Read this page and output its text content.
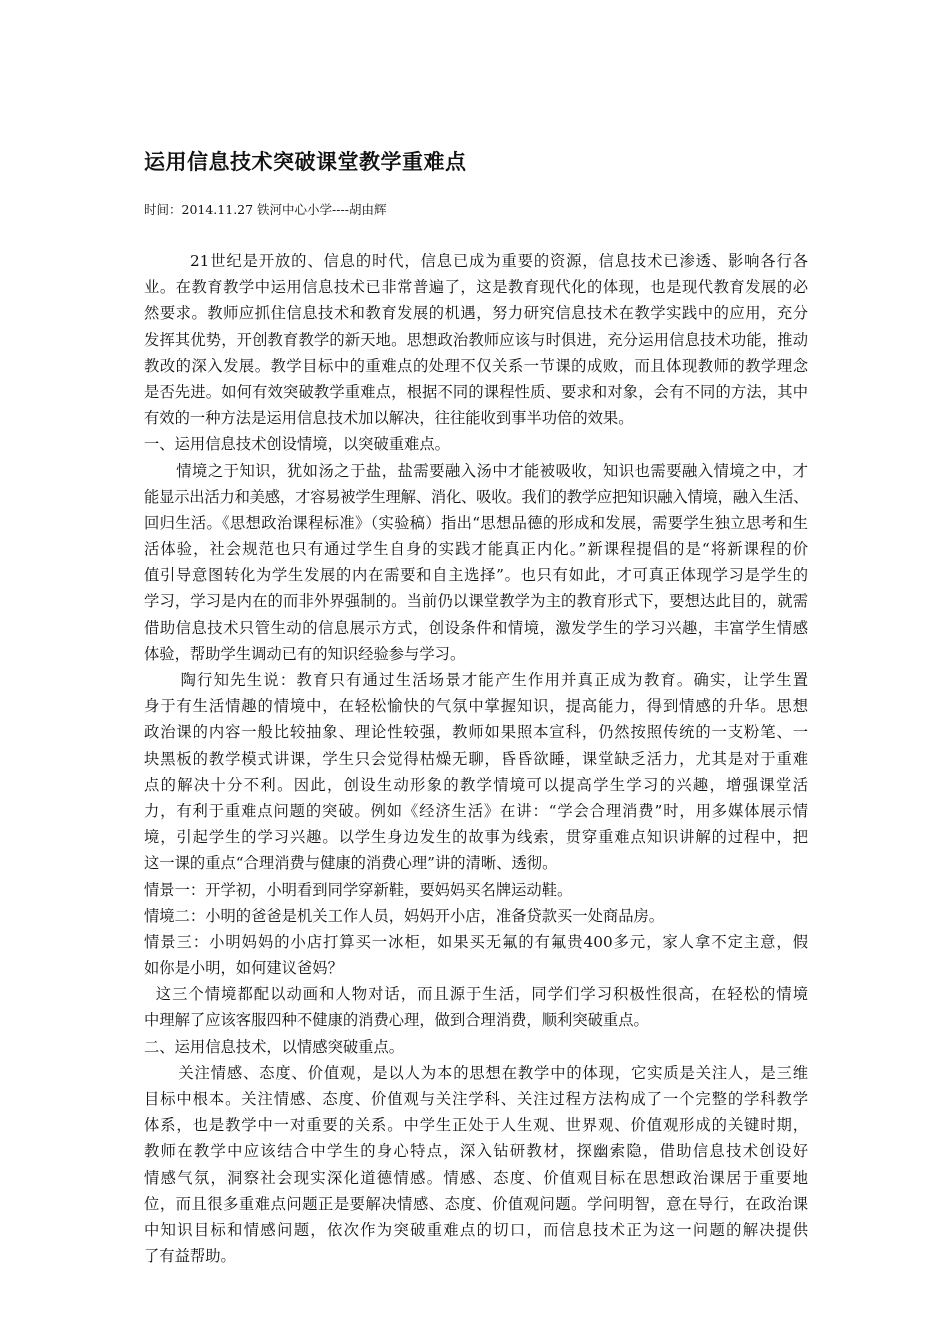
运用信息技术突破课堂教学重难点

时间：2014.11.27 铁河中心小学----胡由辉

21世纪是开放的、信息的时代，信息已成为重要的资源，信息技术已渗透、影响各行各
业。在教育教学中运用信息技术已非常普遍了，这是教育现代化的体现，也是现代教育发展的必
然要求。教师应抓住信息技术和教育发展的机遇，努力研究信息技术在教学实践中的应用，充分
发挥其优势，开创教育教学的新天地。思想政治教师应该与时俱进，充分运用信息技术功能，推动
教改的深入发展。教学目标中的重难点的处理不仅关系一节课的成败，而且体现教师的教学理念
是否先进。如何有效突破教学重难点，根据不同的课程性质、要求和对象，会有不同的方法，其中
有效的一种方法是运用信息技术加以解决，往往能收到事半功倍的效果。
一、运用信息技术创设情境，以突破重难点。
情境之于知识，犹如汤之于盐，盐需要融入汤中才能被吸收，知识也需要融入情境之中，才
能显示出活力和美感，才容易被学生理解、消化、吸收。我们的教学应把知识融入情境，融入生活、
回归生活。《思想政治课程标准》（实验稿）指出“思想品德的形成和发展，需要学生独立思考和生
活体验，社会规范也只有通过学生自身的实践才能真正内化。”新课程提倡的是“将新课程的价
值引导意图转化为学生发展的内在需要和自主选择”。也只有如此，才可真正体现学习是学生的
学习，学习是内在的而非外界强制的。当前仍以课堂教学为主的教育形式下，要想达此目的，就需
借助信息技术只管生动的信息展示方式，创设条件和情境，激发学生的学习兴趣，丰富学生情感
体验，帮助学生调动已有的知识经验参与学习。
陶行知先生说：教育只有通过生活场景才能产生作用并真正成为教育。确实，让学生置
身于有生活情趣的情境中，在轻松愉快的气氛中掌握知识，提高能力，得到情感的升华。思想
政治课的内容一般比较抽象、理论性较强，教师如果照本宣科，仍然按照传统的一支粉笔、一
块黑板的教学模式讲课，学生只会觉得枯燥无聊，昏昏欲睡，课堂缺乏活力，尤其是对于重难
点的解决十分不利。因此，创设生动形象的教学情境可以提高学生学习的兴趣，增强课堂活
力，有利于重难点问题的突破。例如《经济生活》在讲：“学会合理消费”时，用多媒体展示情
境，引起学生的学习兴趣。以学生身边发生的故事为线索，贯穿重难点知识讲解的过程中，把
这一课的重点“合理消费与健康的消费心理”讲的清晰、透彻。
情景一：开学初，小明看到同学穿新鞋，要妈妈买名牌运动鞋。
情境二：小明的爸爸是机关工作人员，妈妈开小店，准备贷款买一处商品房。
情景三：小明妈妈的小店打算买一冰柜，如果买无氟的有氟贵400多元，家人拿不定主意，假
如你是小明，如何建议爸妈？
这三个情境都配以动画和人物对话，而且源于生活，同学们学习积极性很高，在轻松的情境
中理解了应该客服四种不健康的消费心理，做到合理消费，顺利突破重点。
二、运用信息技术，以情感突破重点。
关注情感、态度、价值观，是以人为本的思想在教学中的体现，它实质是关注人，是三维
目标中根本。关注情感、态度、价值观与关注学科、关注过程方法构成了一个完整的学科教学
体系，也是教学中一对重要的关系。中学生正处于人生观、世界观、价值观形成的关键时期，
教师在教学中应该结合中学生的身心特点，深入钻研教材，探幽索隐，借助信息技术创设好
情感气氛，洞察社会现实深化道德情感。情感、态度、价值观目标在思想政治课居于重要地
位，而且很多重难点问题正是要解决情感、态度、价值观问题。学问明智，意在导行，在政治课
中知识目标和情感问题，依次作为突破重难点的切口，而信息技术正为这一问题的解决提供
了有益帮助。
